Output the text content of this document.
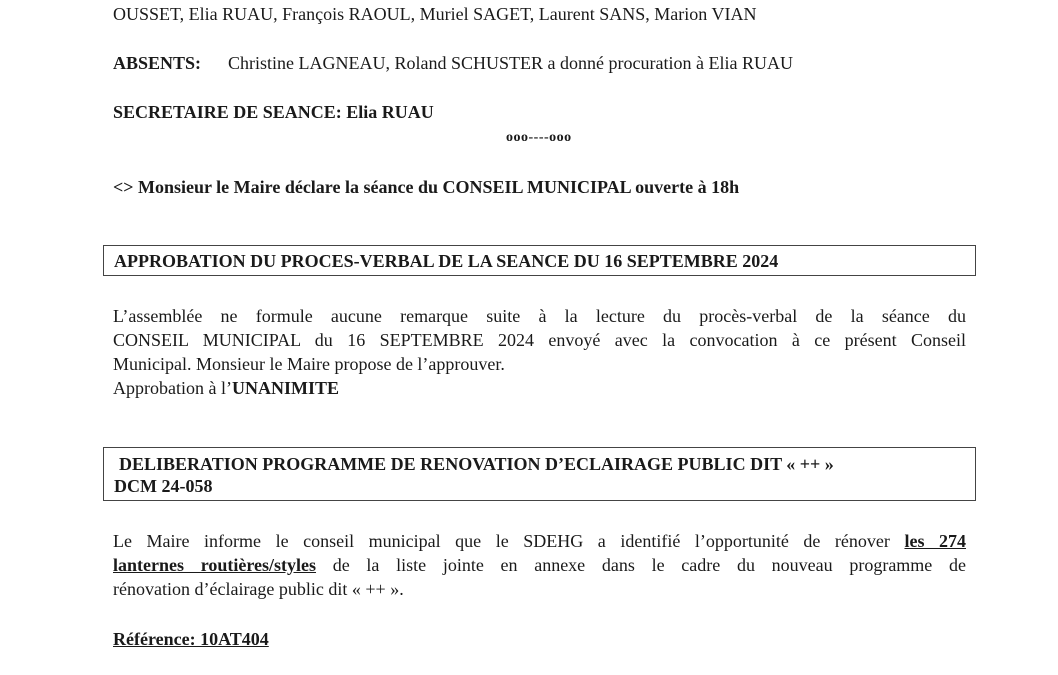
OUSSET, Elia RUAU, François RAOUL, Muriel SAGET, Laurent SANS, Marion VIAN
ABSENTS: Christine LAGNEAU, Roland SCHUSTER a donné procuration à Elia RUAU
SECRETAIRE DE SEANCE: Elia RUAU
ooo----ooo
<> Monsieur le Maire déclare la séance du CONSEIL MUNICIPAL ouverte à 18h
APPROBATION DU PROCES-VERBAL DE LA SEANCE DU 16 SEPTEMBRE 2024
L’assemblée ne formule aucune remarque suite à la lecture du procès-verbal de la séance du
CONSEIL MUNICIPAL du 16 SEPTEMBRE 2024 envoyé avec la convocation à ce présent Conseil
Municipal. Monsieur le Maire propose de l’approuver.
Approbation à l’UNANIMITE
DELIBERATION PROGRAMME DE RENOVATION D’ECLAIRAGE PUBLIC DIT « ++ »
DCM 24-058
Le Maire informe le conseil municipal que le SDEHG a identifié l’opportunité de rénover les 274
lanternes routières/styles de la liste jointe en annexe dans le cadre du nouveau programme de
rénovation d’éclairage public dit « ++ ».
Référence: 10AT404
